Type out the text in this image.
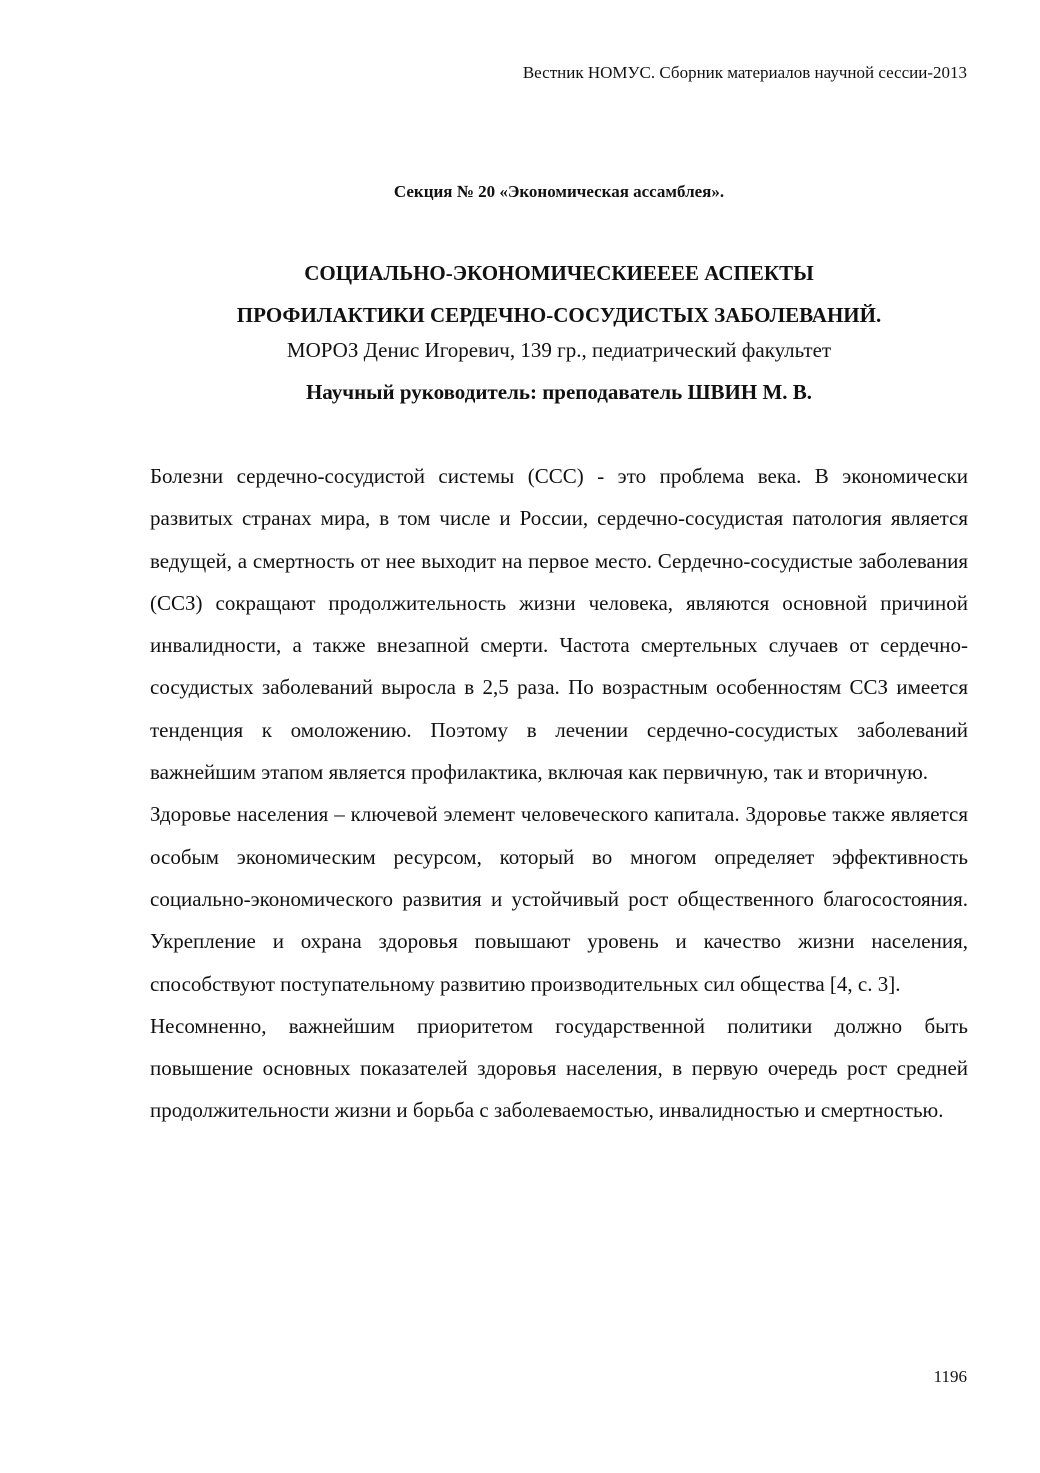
Вестник НОМУС. Сборник материалов научной сессии-2013
Секция № 20 «Экономическая ассамблея».
СОЦИАЛЬНО-ЭКОНОМИЧЕСКИЕЕЕЕ АСПЕКТЫ
ПРОФИЛАКТИКИ СЕРДЕЧНО-СОСУДИСТЫХ ЗАБОЛЕВАНИЙ.
МОРОЗ Денис Игоревич, 139 гр., педиатрический факультет
Научный руководитель: преподаватель ШВИН М. В.

Болезни сердечно-сосудистой системы (ССС) - это проблема века. В экономически развитых странах мира, в том числе и России, сердечно-сосудистая патология является ведущей, а смертность от нее выходит на первое место. Сердечно-сосудистые заболевания (ССЗ) сокращают продолжительность жизни человека, являются основной причиной инвалидности, а также внезапной смерти. Частота смертельных случаев от сердечно-сосудистых заболеваний выросла в 2,5 раза. По возрастным особенностям ССЗ имеется тенденция к омоложению. Поэтому в лечении сердечно-сосудистых заболеваний важнейшим этапом является профилактика, включая как первичную, так и вторичную.

Здоровье населения – ключевой элемент человеческого капитала. Здоровье также является особым экономическим ресурсом, который во многом определяет эффективность социально-экономического развития и устойчивый рост общественного благосостояния. Укрепление и охрана здоровья повышают уровень и качество жизни населения, способствуют поступательному развитию производительных сил общества [4, с. 3].

Несомненно, важнейшим приоритетом государственной политики должно быть повышение основных показателей здоровья населения, в первую очередь рост средней продолжительности жизни и борьба с заболеваемостью, инвалидностью и смертностью.

1196
